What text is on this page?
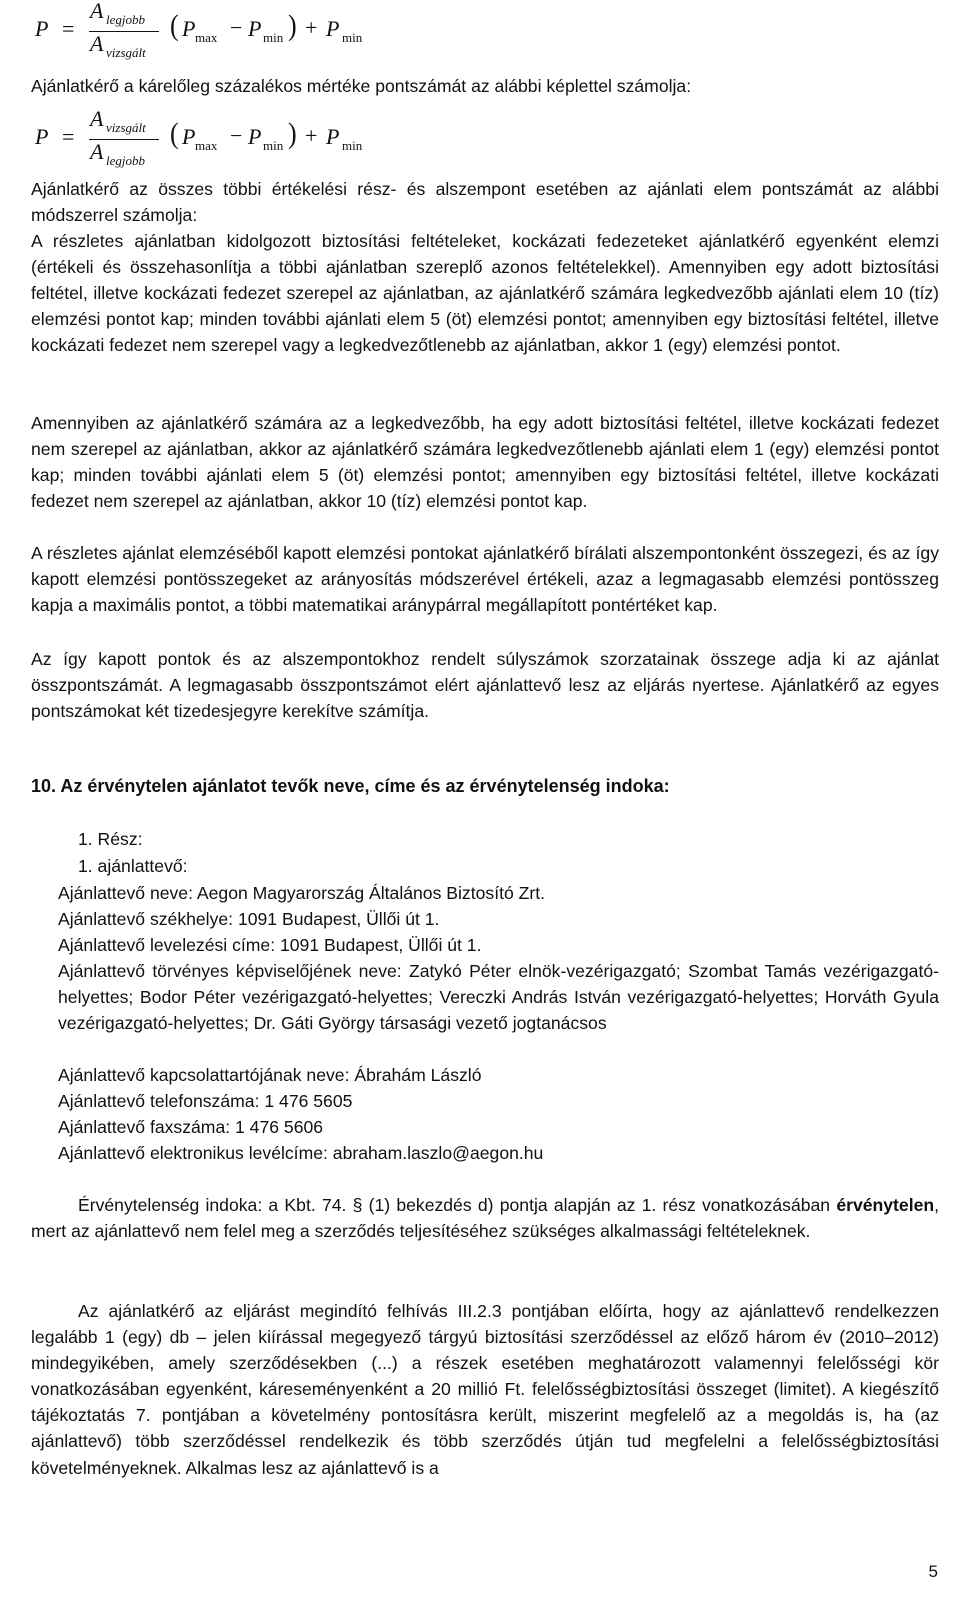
P =
A legjobb
A vizsgált
( P max − P min ) + P min
Ajánlatkérő a kárelőleg százalékos mértéke pontszámát az alábbi képlettel számolja:
P =
A vizsgált
A legjobb
( P max − P min ) + P min
Ajánlatkérő az összes többi értékelési rész- és alszempont esetében az ajánlati elem pontszámát az alábbi módszerrel számolja:
A részletes ajánlatban kidolgozott biztosítási feltételeket, kockázati fedezeteket ajánlatkérő egyenként elemzi (értékeli és összehasonlítja a többi ajánlatban szereplő azonos feltételekkel). Amennyiben egy adott biztosítási feltétel, illetve kockázati fedezet szerepel az ajánlatban, az ajánlatkérő számára legkedvezőbb ajánlati elem 10 (tíz) elemzési pontot kap; minden további ajánlati elem 5 (öt) elemzési pontot; amennyiben egy biztosítási feltétel, illetve kockázati fedezet nem szerepel vagy a legkedvezőtlenebb az ajánlatban, akkor 1 (egy) elemzési pontot.
Amennyiben az ajánlatkérő számára az a legkedvezőbb, ha egy adott biztosítási feltétel, illetve kockázati fedezet nem szerepel az ajánlatban, akkor az ajánlatkérő számára legkedvezőtlenebb ajánlati elem 1 (egy) elemzési pontot kap; minden további ajánlati elem 5 (öt) elemzési pontot; amennyiben egy biztosítási feltétel, illetve kockázati fedezet nem szerepel az ajánlatban, akkor 10 (tíz) elemzési pontot kap.
A részletes ajánlat elemzéséből kapott elemzési pontokat ajánlatkérő bírálati alszempontonként összegezi, és az így kapott elemzési pontösszegeket az arányosítás módszerével értékeli, azaz a legmagasabb elemzési pontösszeg kapja a maximális pontot, a többi matematikai aránypárral megállapított pontértéket kap.
Az így kapott pontok és az alszempontokhoz rendelt súlyszámok szorzatainak összege adja ki az ajánlat összpontszámát. A legmagasabb összpontszámot elért ajánlattevő lesz az eljárás nyertese. Ajánlatkérő az egyes pontszámokat két tizedesjegyre kerekítve számítja.
10. Az érvénytelen ajánlatot tevők neve, címe és az érvénytelenség indoka:
1. Rész:
1. ajánlattevő:
Ajánlattevő neve: Aegon Magyarország Általános Biztosító Zrt.
Ajánlattevő székhelye: 1091 Budapest, Üllői út 1.
Ajánlattevő levelezési címe: 1091 Budapest, Üllői út 1.
Ajánlattevő törvényes képviselőjének neve: Zatykó Péter elnök-vezérigazgató; Szombat Tamás vezérigazgató-helyettes; Bodor Péter vezérigazgató-helyettes; Vereczki András István vezérigazgató-helyettes; Horváth Gyula vezérigazgató-helyettes; Dr. Gáti György társasági vezető jogtanácsos
Ajánlattevő kapcsolattartójának neve: Ábrahám László
Ajánlattevő telefonszáma: 1 476 5605
Ajánlattevő faxszáma: 1 476 5606
Ajánlattevő elektronikus levélcíme: abraham.laszlo@aegon.hu
Érvénytelenség indoka: a Kbt. 74. § (1) bekezdés d) pontja alapján az 1. rész vonatkozásában érvénytelen, mert az ajánlattevő nem felel meg a szerződés teljesítéséhez szükséges alkalmassági feltételeknek.
Az ajánlatkérő az eljárást megindító felhívás III.2.3 pontjában előírta, hogy az ajánlattevő rendelkezzen legalább 1 (egy) db – jelen kiírással megegyező tárgyú biztosítási szerződéssel az előző három év (2010–2012) mindegyikében, amely szerződésekben (...) a részek esetében meghatározott valamennyi felelősségi kör vonatkozásában egyenként, káreseményenként a 20 millió Ft. felelősségbiztosítási összeget (limitet). A kiegészítő tájékoztatás 7. pontjában a követelmény pontosításra került, miszerint megfelelő az a megoldás is, ha (az ajánlattevő) több szerződéssel rendelkezik és több szerződés útján tud megfelelni a felelősségbiztosítási követelményeknek. Alkalmas lesz az ajánlattevő is a
5
